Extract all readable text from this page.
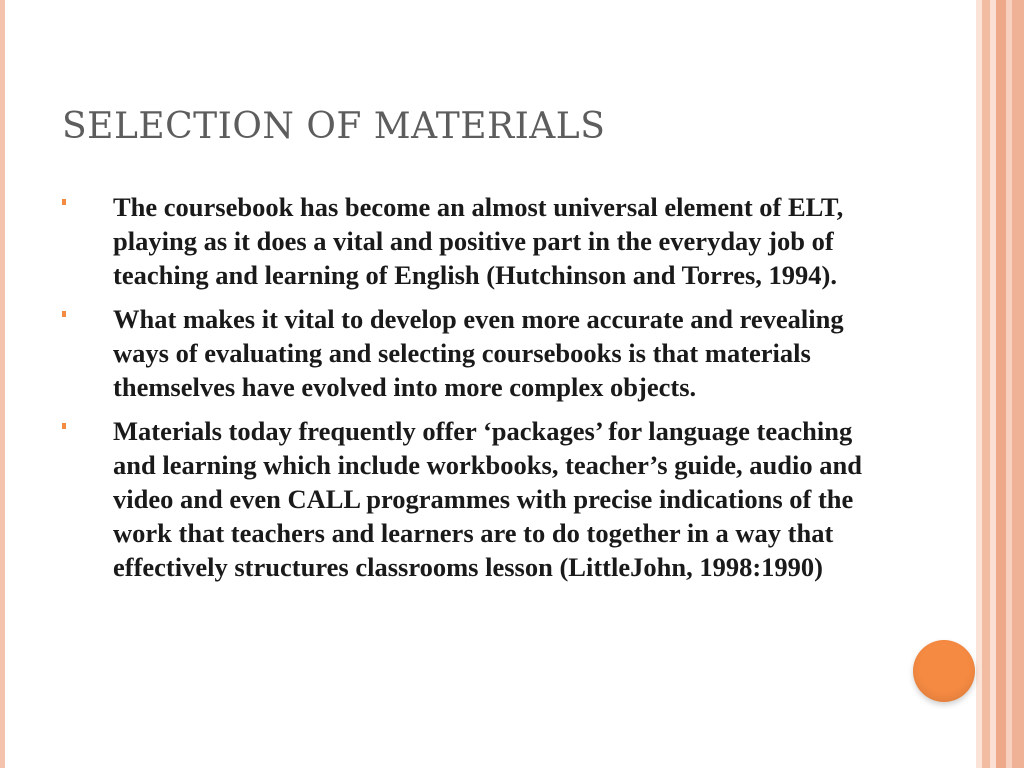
SELECTION OF MATERIALS
The coursebook has become an almost universal element of ELT, playing as it does a vital and positive part in the everyday job of teaching and learning of English (Hutchinson and Torres, 1994).
What makes it vital to develop even more accurate and revealing ways of evaluating and selecting coursebooks is that materials themselves have evolved into more complex objects.
Materials today frequently offer ‘packages’ for language teaching and learning which include workbooks, teacher’s guide, audio and video and even CALL programmes with precise indications of the work that teachers and learners are to do together in a way that effectively structures classrooms lesson (LittleJohn, 1998:1990)
